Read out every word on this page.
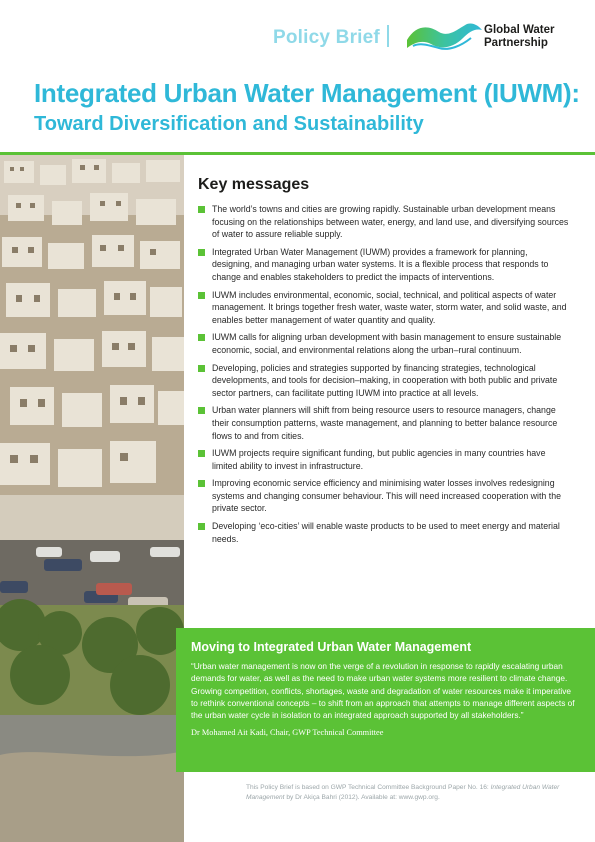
Policy Brief	Global Water
Partnership
Integrated Urban Water Management (IUWM):
Toward Diversification and Sustainability
Key messages
The world’s towns and cities are growing rapidly. Sustainable urban development means focusing on the relationships between water, energy, and land use, and diversifying sources of water to assure reliable supply.
Integrated Urban Water Management (IUWM) provides a framework for planning, designing, and managing urban water systems. It is a flexible process that responds to change and enables stakeholders to predict the impacts of interventions.
IUWM includes environmental, economic, social, technical, and political aspects of water management. It brings together fresh water, waste water, storm water, and solid waste, and enables better management of water quantity and quality.
IUWM calls for aligning urban development with basin management to ensure sustainable economic, social, and environmental relations along the urban–rural continuum.
Developing, policies and strategies supported by financing strategies, technological developments, and tools for decision–making, in cooperation with both public and private sector partners, can facilitate putting IUWM into practice at all levels.
Urban water planners will shift from being resource users to resource managers, change their consumption patterns, waste management, and planning to better balance resource flows to and from cities.
IUWM projects require significant funding, but public agencies in many countries have limited ability to invest in infrastructure.
Improving economic service efficiency and minimising water losses involves redesigning systems and changing consumer behaviour. This will need increased cooperation with the private sector.
Developing ‘eco-cities’ will enable waste products to be used to meet energy and material needs.
Moving to Integrated Urban Water Management
“Urban water management is now on the verge of a revolution in response to rapidly escalating urban demands for water, as well as the need to make urban water systems more resilient to climate change. Growing competition, conflicts, shortages, waste and degradation of water resources make it imperative to rethink conventional concepts – to shift from an approach that attempts to manage different aspects of the urban water cycle in isolation to an integrated approach supported by all stakeholders.”
Dr Mohamed Ait Kadi, Chair, GWP Technical Committee
This Policy Brief is based on GWP Technical Committee Background Paper No. 16: Integrated Urban Water Management by Dr Akiça Bahri (2012). Available at: www.gwp.org.
